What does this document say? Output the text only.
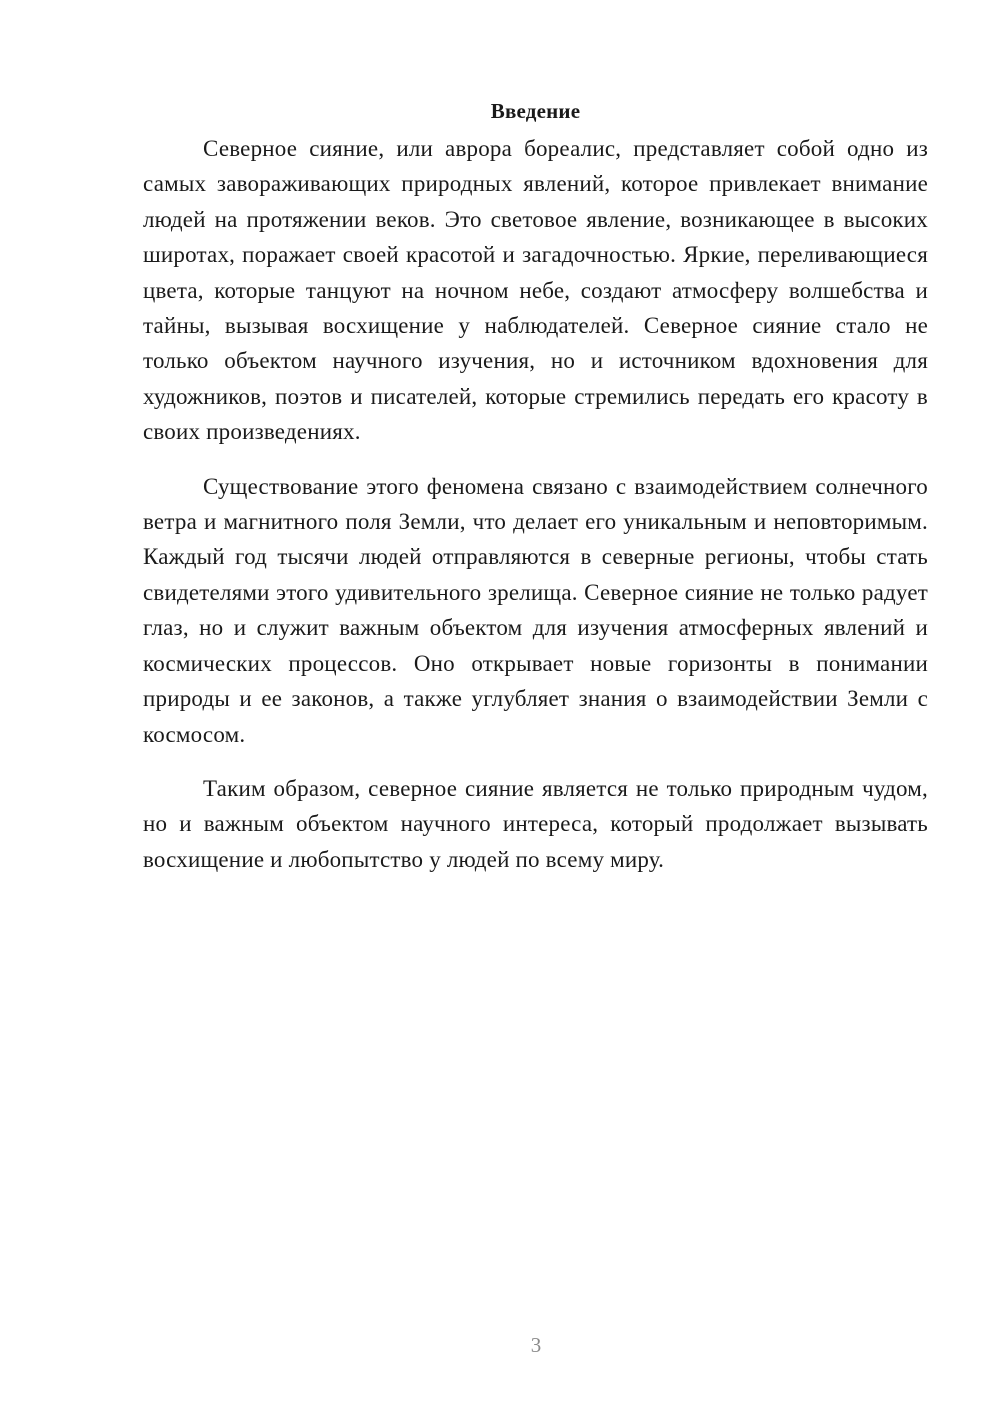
Введение

Северное сияние, или аврора бореалис, представляет собой одно из самых завораживающих природных явлений, которое привлекает внимание людей на протяжении веков. Это световое явление, возникающее в высоких широтах, поражает своей красотой и загадочностью. Яркие, переливающиеся цвета, которые танцуют на ночном небе, создают атмосферу волшебства и тайны, вызывая восхищение у наблюдателей. Северное сияние стало не только объектом научного изучения, но и источником вдохновения для художников, поэтов и писателей, которые стремились передать его красоту в своих произведениях.

Существование этого феномена связано с взаимодействием солнечного ветра и магнитного поля Земли, что делает его уникальным и неповторимым. Каждый год тысячи людей отправляются в северные регионы, чтобы стать свидетелями этого удивительного зрелища. Северное сияние не только радует глаз, но и служит важным объектом для изучения атмосферных явлений и космических процессов. Оно открывает новые горизонты в понимании природы и ее законов, а также углубляет знания о взаимодействии Земли с космосом.

Таким образом, северное сияние является не только природным чудом, но и важным объектом научного интереса, который продолжает вызывать восхищение и любопытство у людей по всему миру.

3
